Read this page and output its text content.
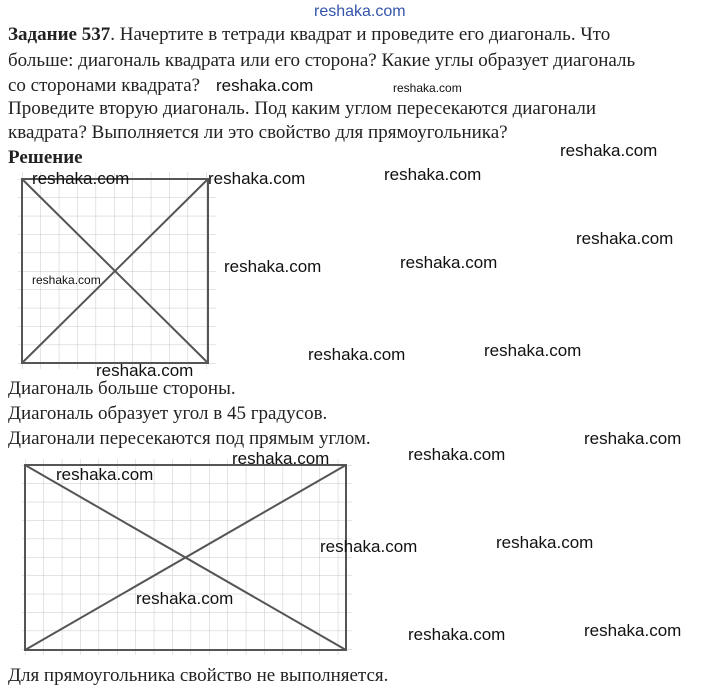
reshaka.com
Задание 537. Начертите в тетради квадрат и проведите его диагональ. Что
больше: диагональ квадрата или его сторона? Какие углы образует диагональ
со сторонами квадрата?
Проведите вторую диагональ. Под каким углом пересекаются диагонали
квадрата? Выполняется ли это свойство для прямоугольника?
Решение
Диагональ больше стороны.
Диагональ образует угол в 45 градусов.
Диагонали пересекаются под прямым углом.
Для прямоугольника свойство не выполняется.
reshaka.com	reshaka.com
reshaka.com
reshaka.com	reshaka.com	reshaka.com
reshaka.com
reshaka.com	reshaka.com
reshaka.com
reshaka.com	reshaka.com
reshaka.com
reshaka.com
reshaka.com	reshaka.com
reshaka.com
reshaka.com	reshaka.com
reshaka.com
reshaka.com
reshaka.com
